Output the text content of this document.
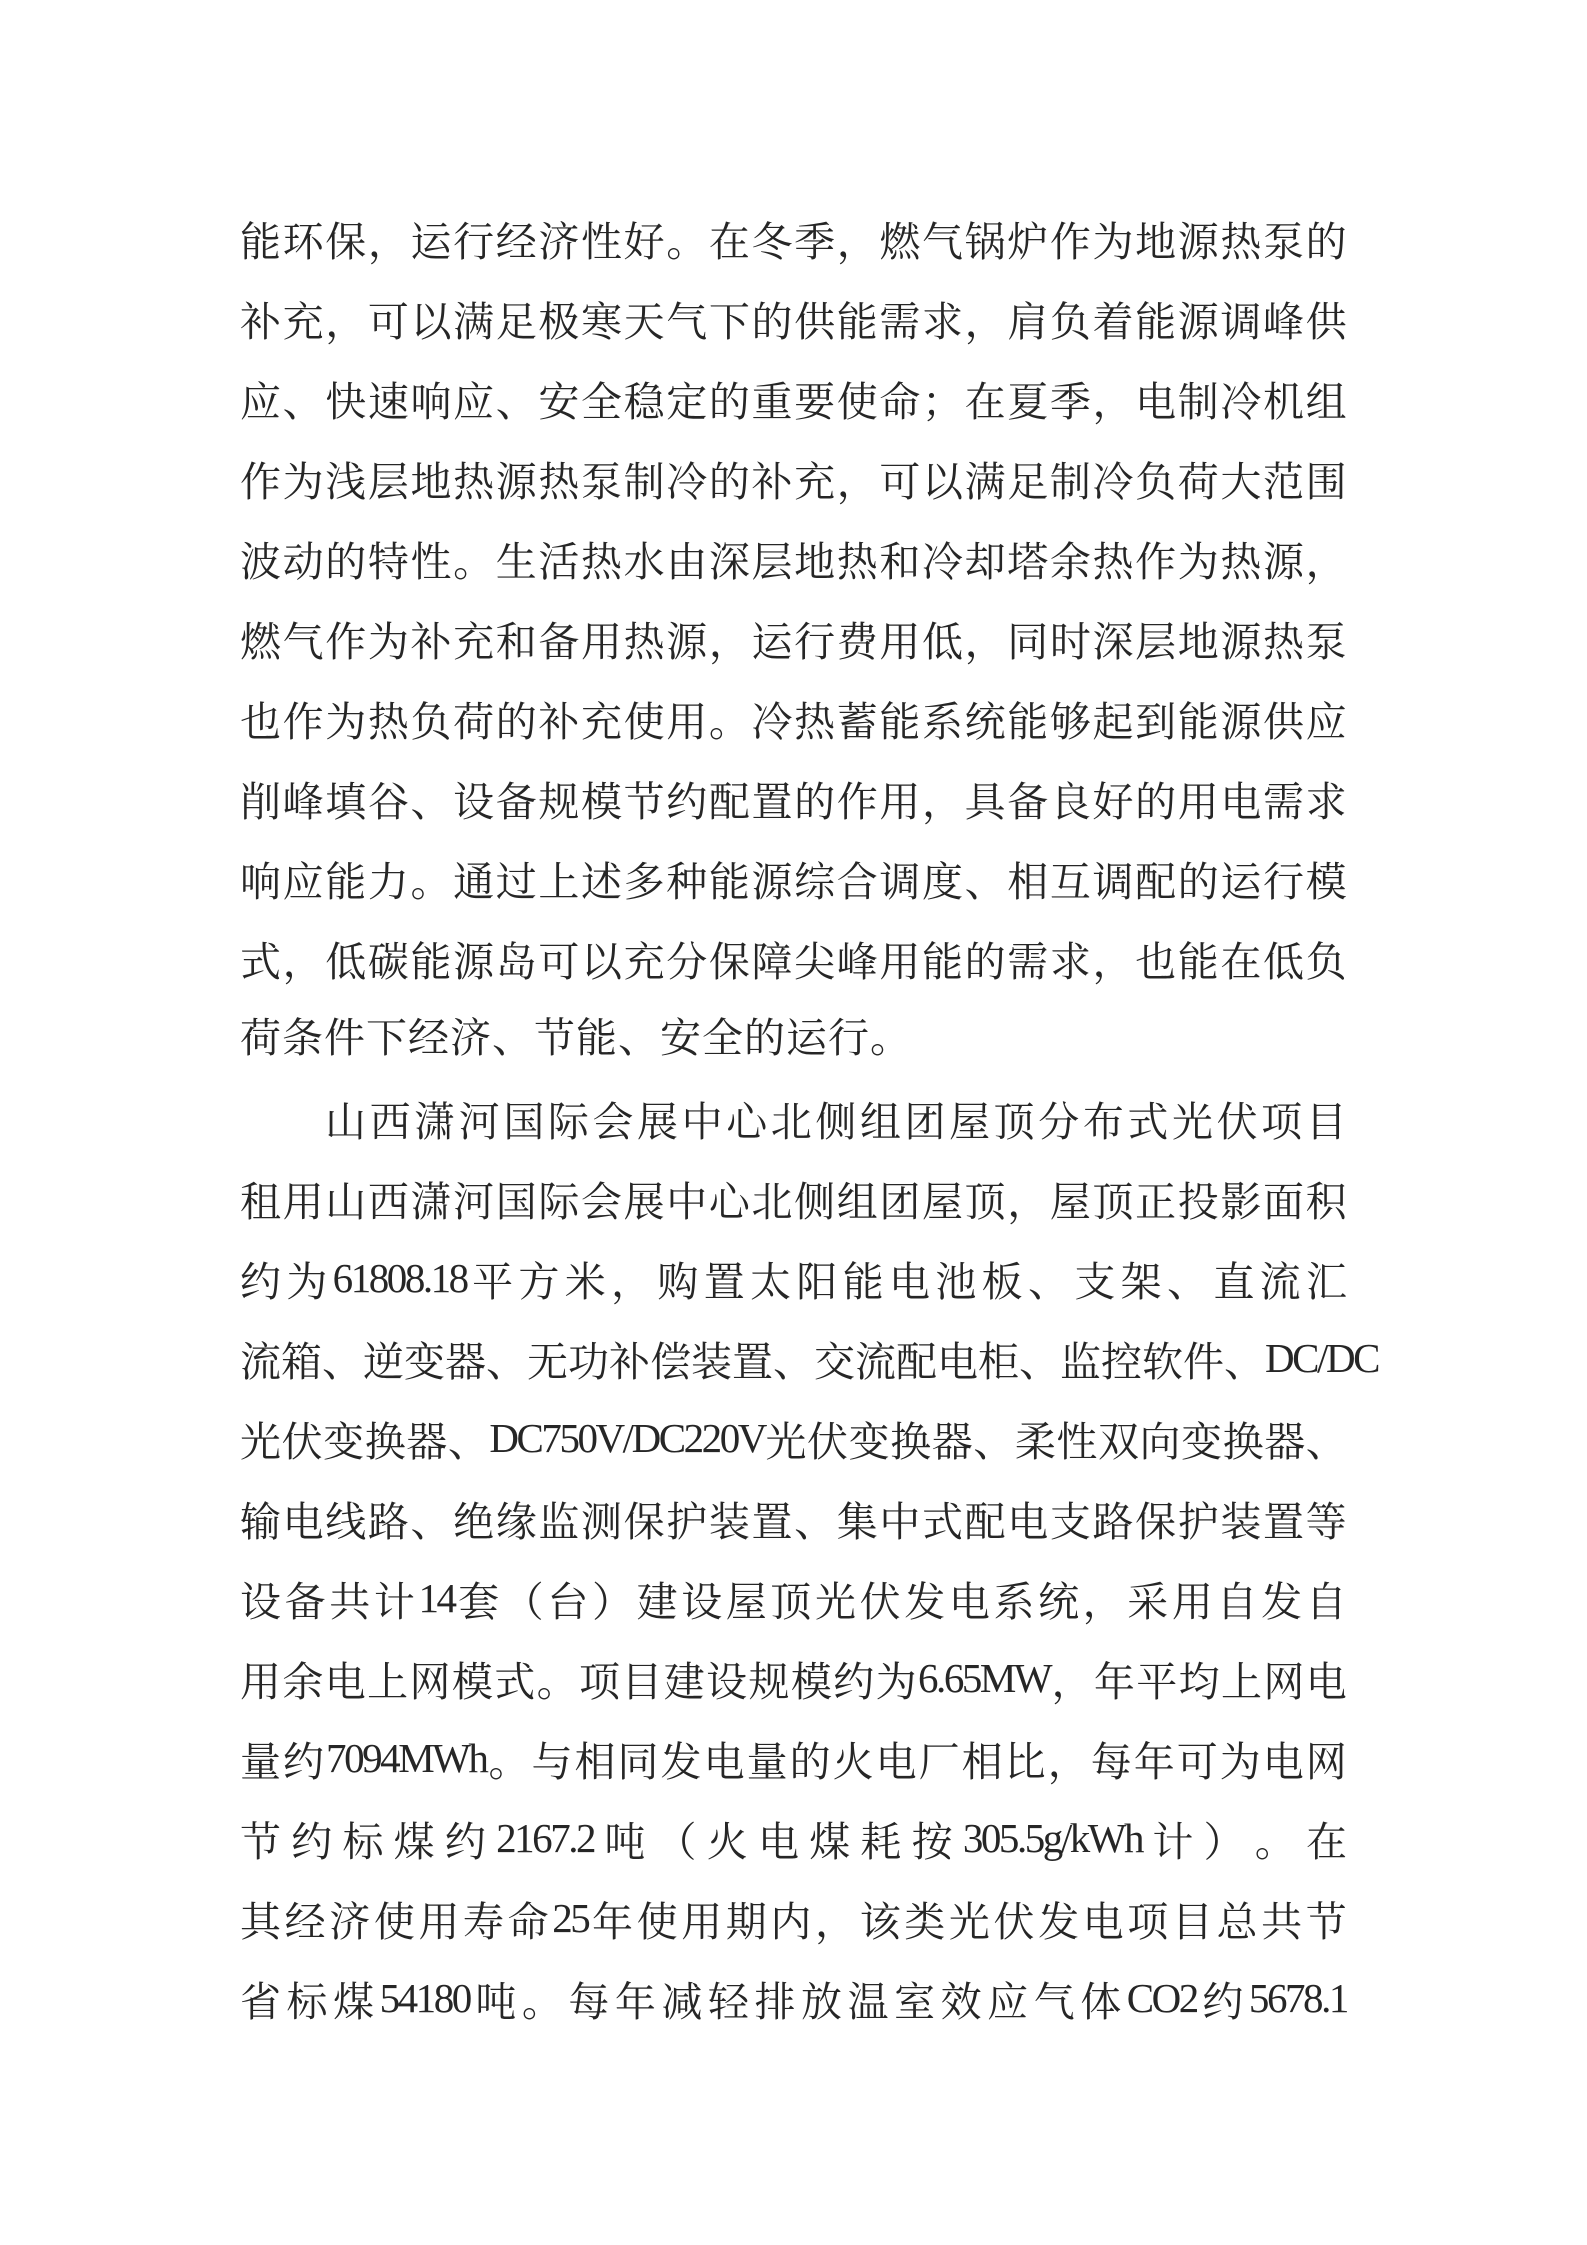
能 环 保 ， 运 行 经 济 性 好 。 在 冬 季 ， 燃 气 锅 炉 作 为 地 源 热 泵 的
补 充 ， 可 以 满 足 极 寒 天 气 下 的 供 能 需 求 ， 肩 负 着 能 源 调 峰 供
应 、 快 速 响 应 、 安 全 稳 定 的 重 要 使 命 ； 在 夏 季 ， 电 制 冷 机 组
作 为 浅 层 地 热 源 热 泵 制 冷 的 补 充 ， 可 以 满 足 制 冷 负 荷 大 范 围
波 动 的 特 性 。 生 活 热 水 由 深 层 地 热 和 冷 却 塔 余 热 作 为 热 源 ，
燃 气 作 为 补 充 和 备 用 热 源 ， 运 行 费 用 低 ， 同 时 深 层 地 源 热 泵
也 作 为 热 负 荷 的 补 充 使 用 。 冷 热 蓄 能 系 统 能 够 起 到 能 源 供 应
削 峰 填 谷 、 设 备 规 模 节 约 配 置 的 作 用 ， 具 备 良 好 的 用 电 需 求
响 应 能 力 。 通 过 上 述 多 种 能 源 综 合 调 度 、 相 互 调 配 的 运 行 模
式 ， 低 碳 能 源 岛 可 以 充 分 保 障 尖 峰 用 能 的 需 求 ， 也 能 在 低 负
荷条件下经济、节能、安全的运行。
山 西 潇 河 国 际 会 展 中 心 北 侧 组 团 屋 顶 分 布 式 光 伏 项 目
租 用 山 西 潇 河 国 际 会 展 中 心 北 侧 组 团 屋 顶 ， 屋 顶 正 投 影 面 积
约 为 61808.18 平 方 米 ， 购 置 太 阳 能 电 池 板 、 支 架 、 直 流 汇
流 箱 、 逆 变 器 、 无 功 补 偿 装 置 、 交 流 配 电 柜 、 监 控 软 件 、 DC/DC
光 伏 变 换 器 、 DC750V/DC220V 光 伏 变 换 器 、 柔 性 双 向 变 换 器 、
输 电 线 路 、 绝 缘 监 测 保 护 装 置 、 集 中 式 配 电 支 路 保 护 装 置 等
设 备 共 计 14 套 （ 台 ） 建 设 屋 顶 光 伏 发 电 系 统 ， 采 用 自 发 自
用 余 电 上 网 模 式 。 项 目 建 设 规 模 约 为 6.65MW ， 年 平 均 上 网 电
量 约 7094MWh 。 与 相 同 发 电 量 的 火 电 厂 相 比 ， 每 年 可 为 电 网
节 约 标 煤 约 2167.2 吨 （ 火 电 煤 耗 按 305.5g/kWh 计 ） 。 在
其 经 济 使 用 寿 命 25 年 使 用 期 内 ， 该 类 光 伏 发 电 项 目 总 共 节
省 标 煤 54180 吨 。 每 年 减 轻 排 放 温 室 效 应 气 体 CO2 约 5678.1
